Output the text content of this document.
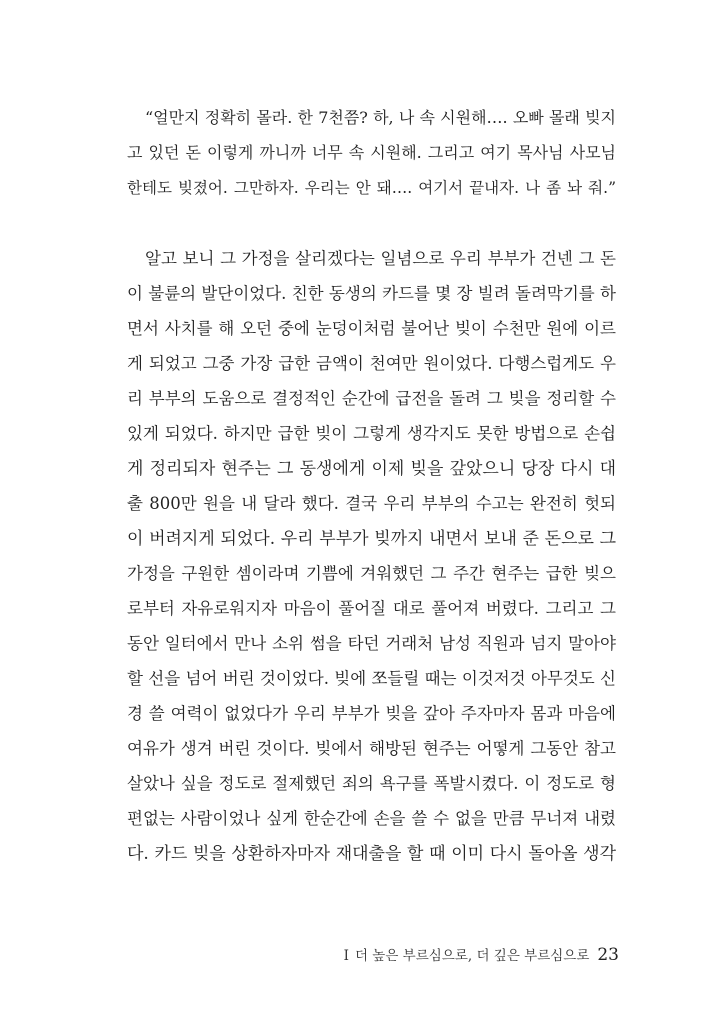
“얼만지 정확히 몰라. 한 7천쯤? 하, 나 속 시원해…. 오빠 몰래 빚지
고 있던 돈 이렇게 까니까 너무 속 시원해. 그리고 여기 목사님 사모님
한테도 빚졌어. 그만하자. 우리는 안 돼…. 여기서 끝내자. 나 좀 놔 줘.”
알고 보니 그 가정을 살리겠다는 일념으로 우리 부부가 건넨 그 돈
이 불륜의 발단이었다. 친한 동생의 카드를 몇 장 빌려 돌려막기를 하
면서 사치를 해 오던 중에 눈덩이처럼 불어난 빚이 수천만 원에 이르
게 되었고 그중 가장 급한 금액이 천여만 원이었다. 다행스럽게도 우
리 부부의 도움으로 결정적인 순간에 급전을 돌려 그 빚을 정리할 수
있게 되었다. 하지만 급한 빚이 그렇게 생각지도 못한 방법으로 손쉽
게 정리되자 현주는 그 동생에게 이제 빚을 갚았으니 당장 다시 대
출 800만 원을 내 달라 했다. 결국 우리 부부의 수고는 완전히 헛되
이 버려지게 되었다. 우리 부부가 빚까지 내면서 보내 준 돈으로 그
가정을 구원한 셈이라며 기쁨에 겨워했던 그 주간 현주는 급한 빚으
로부터 자유로워지자 마음이 풀어질 대로 풀어져 버렸다. 그리고 그
동안 일터에서 만나 소위 썸을 타던 거래처 남성 직원과 넘지 말아야
할 선을 넘어 버린 것이었다. 빚에 쪼들릴 때는 이것저것 아무것도 신
경 쓸 여력이 없었다가 우리 부부가 빚을 갚아 주자마자 몸과 마음에
여유가 생겨 버린 것이다. 빚에서 해방된 현주는 어떻게 그동안 참고
살았나 싶을 정도로 절제했던 죄의 욕구를 폭발시켰다. 이 정도로 형
편없는 사람이었나 싶게 한순간에 손을 쓸 수 없을 만큼 무너져 내렸
다. 카드 빚을 상환하자마자 재대출을 할 때 이미 다시 돌아올 생각
I 더 높은 부르심으로, 더 깊은 부르심으로 23
